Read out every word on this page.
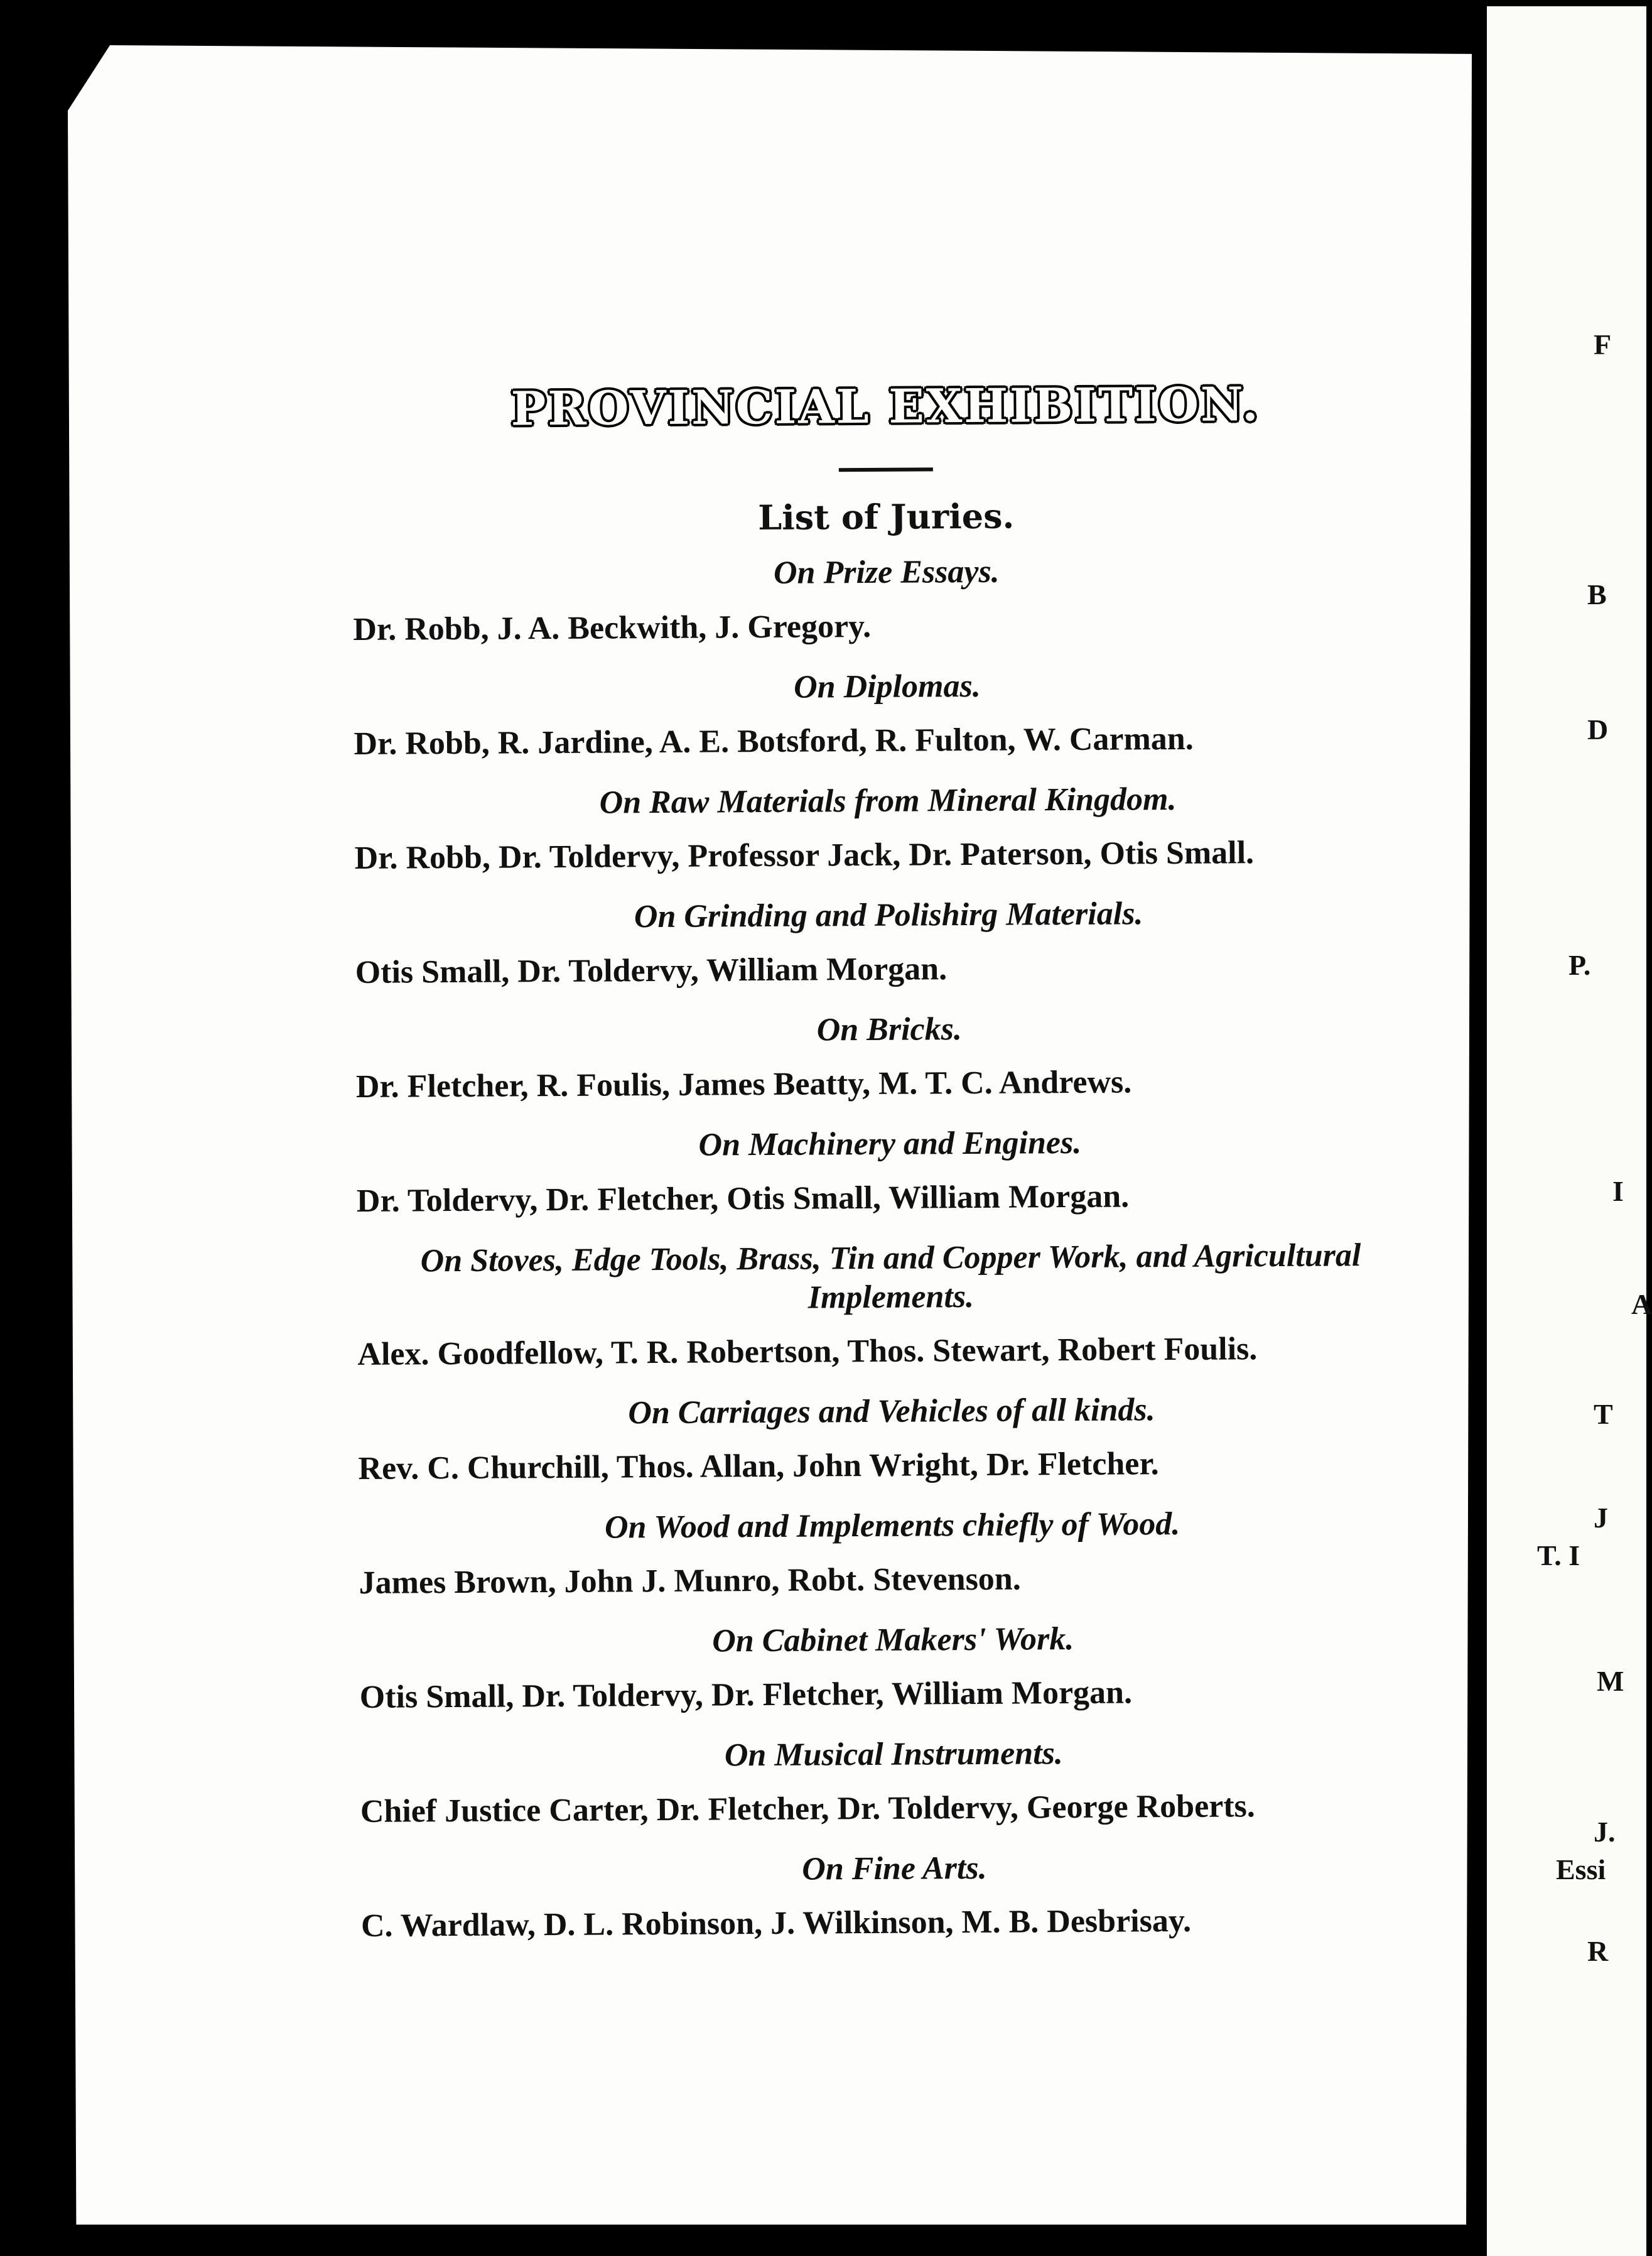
PROVINCIAL EXHIBITION.
List of Juries.
On Prize Essays.
Dr. Robb, J. A. Beckwith, J. Gregory.
On Diplomas.
Dr. Robb, R. Jardine, A. E. Botsford, R. Fulton, W. Carman.
On Raw Materials from Mineral Kingdom.
Dr. Robb, Dr. Toldervy, Professor Jack, Dr. Paterson, Otis Small.
On Grinding and Polishirg Materials.
Otis Small, Dr. Toldervy, William Morgan.
On Bricks.
Dr. Fletcher, R. Foulis, James Beatty, M. T. C. Andrews.
On Machinery and Engines.
Dr. Toldervy, Dr. Fletcher, Otis Small, William Morgan.
On Stoves, Edge Tools, Brass, Tin and Copper Work, and Agricultural Implements.
Alex. Goodfellow, T. R. Robertson, Thos. Stewart, Robert Foulis.
On Carriages and Vehicles of all kinds.
Rev. C. Churchill, Thos. Allan, John Wright, Dr. Fletcher.
On Wood and Implements chiefly of Wood.
James Brown, John J. Munro, Robt. Stevenson.
On Cabinet Makers' Work.
Otis Small, Dr. Toldervy, Dr. Fletcher, William Morgan.
On Musical Instruments.
Chief Justice Carter, Dr. Fletcher, Dr. Toldervy, George Roberts.
On Fine Arts.
C. Wardlaw, D. L. Robinson, J. Wilkinson, M. B. Desbrisay.
F
B
D
P.
I
A
T
J
T. I
M
J.
Essi
R
